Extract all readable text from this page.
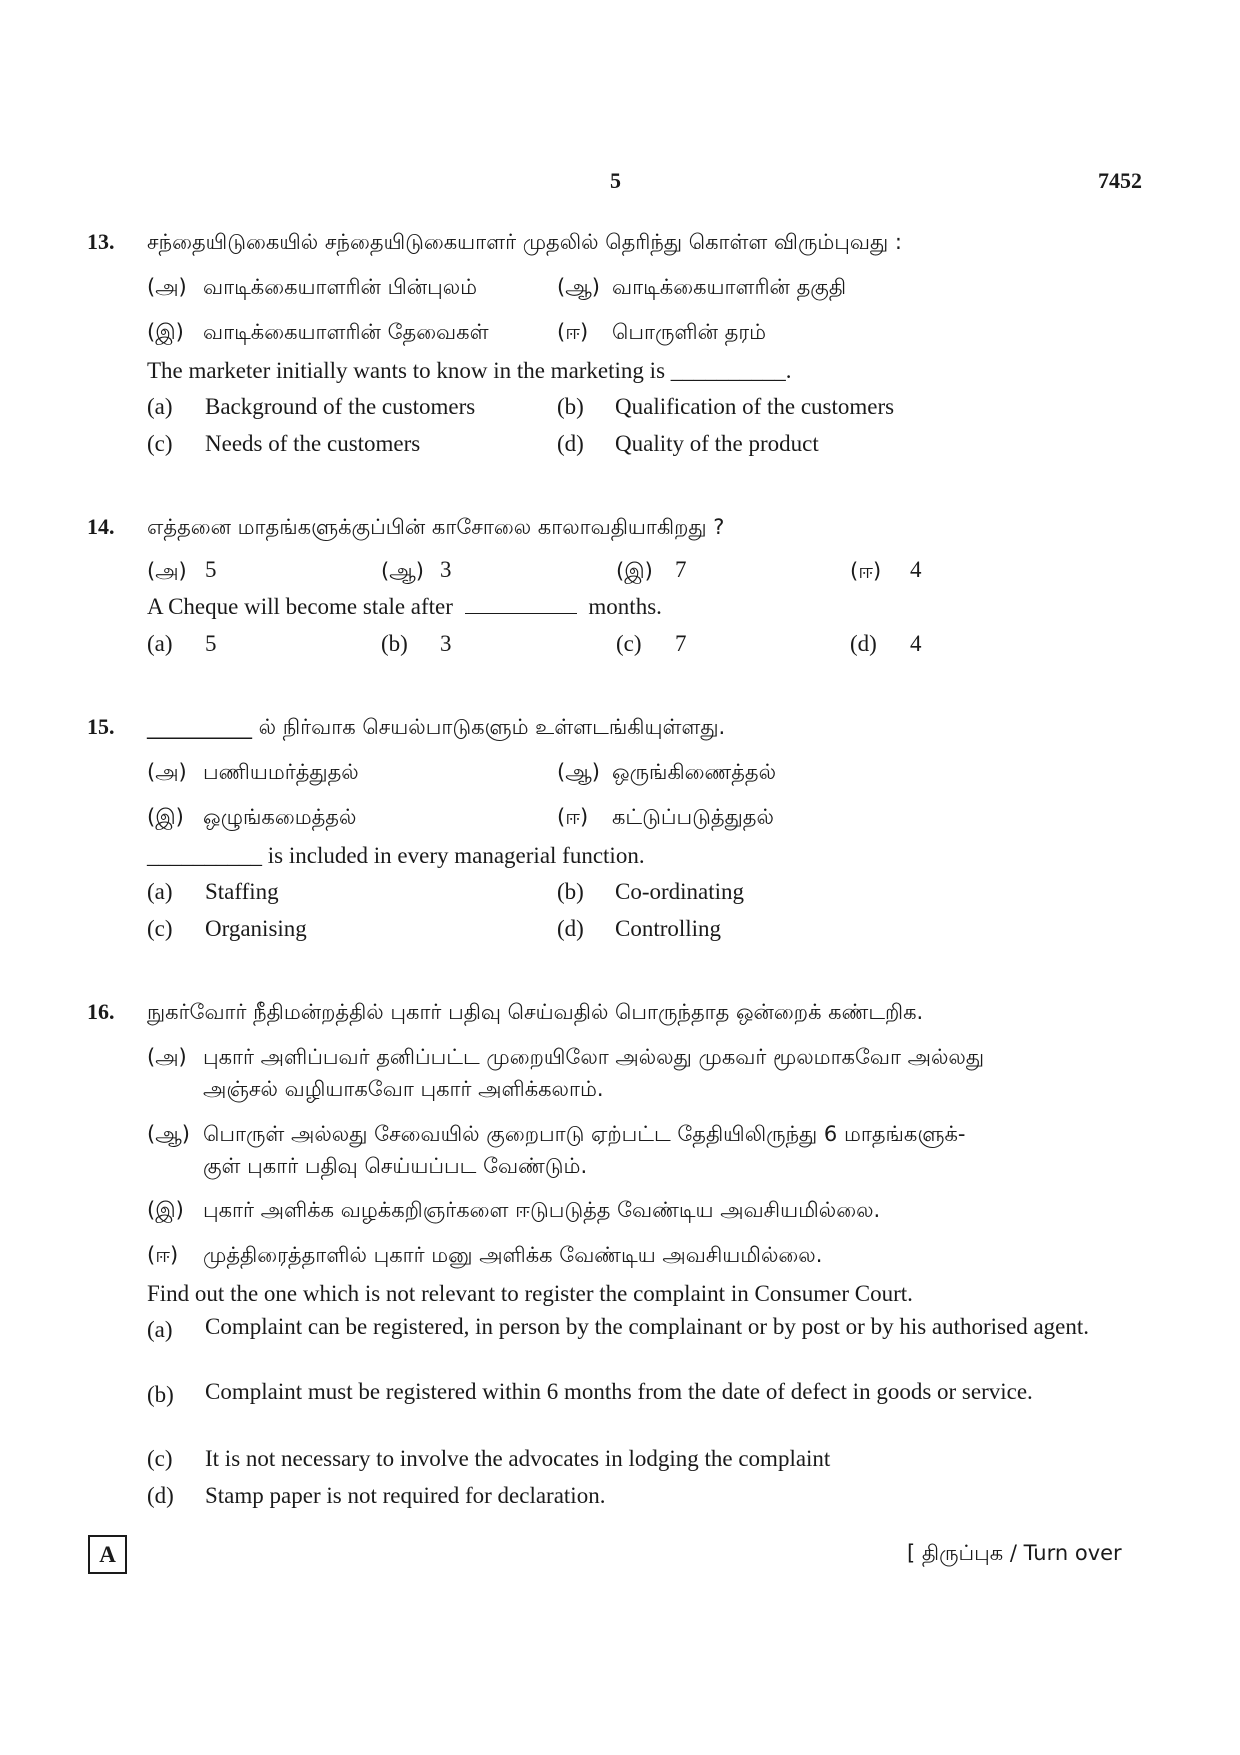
5	7452
13. சந்தையிடுகையில் சந்தையிடுகையாளர் முதலில் தெரிந்து கொள்ள விரும்புவது :
(அ) வாடிக்கையாளரின் பின்புலம்	(ஆ) வாடிக்கையாளரின் தகுதி
(இ) வாடிக்கையாளரின் தேவைகள்	(ஈ) பொருளின் தரம்
The marketer initially wants to know in the marketing is __________.
(a) Background of the customers	(b) Qualification of the customers
(c) Needs of the customers	(d) Quality of the product
14. எத்தனை மாதங்களுக்குப்பின் காசோலை காலாவதியாகிறது ?
(அ) 5	(ஆ) 3	(இ) 7	(ஈ) 4
A Cheque will become stale after	months.
(a) 5	(b) 3	(c) 7	(d) 4
15. __________ ல் நிர்வாக செயல்பாடுகளும் உள்ளடங்கியுள்ளது.
(அ) பணியமர்த்துதல்	(ஆ) ஒருங்கிணைத்தல்
(இ) ஒழுங்கமைத்தல்	(ஈ) கட்டுப்படுத்துதல்
__________ is included in every managerial function.
(a) Staffing	(b) Co-ordinating
(c) Organising	(d) Controlling
16. நுகர்வோர் நீதிமன்றத்தில் புகார் பதிவு செய்வதில் பொருந்தாத ஒன்றைக் கண்டறிக.
(அ) புகார் அளிப்பவர் தனிப்பட்ட முறையிலோ அல்லது முகவர் மூலமாகவோ அல்லது
அஞ்சல் வழியாகவோ புகார் அளிக்கலாம்.
(ஆ) பொருள் அல்லது சேவையில் குறைபாடு ஏற்பட்ட தேதியிலிருந்து 6 மாதங்களுக்-
குள் புகார் பதிவு செய்யப்பட வேண்டும்.
(இ) புகார் அளிக்க வழக்கறிஞர்களை ஈடுபடுத்த வேண்டிய அவசியமில்லை.
(ஈ) முத்திரைத்தாளில் புகார் மனு அளிக்க வேண்டிய அவசியமில்லை.
Find out the one which is not relevant to register the complaint in Consumer Court.
(a) Complaint can be registered, in person by the complainant or by post or by his authorised agent.
(b) Complaint must be registered within 6 months from the date of defect in goods or service.
(c) It is not necessary to involve the advocates in lodging the complaint
(d) Stamp paper is not required for declaration.
A	[ திருப்புக / Turn over
